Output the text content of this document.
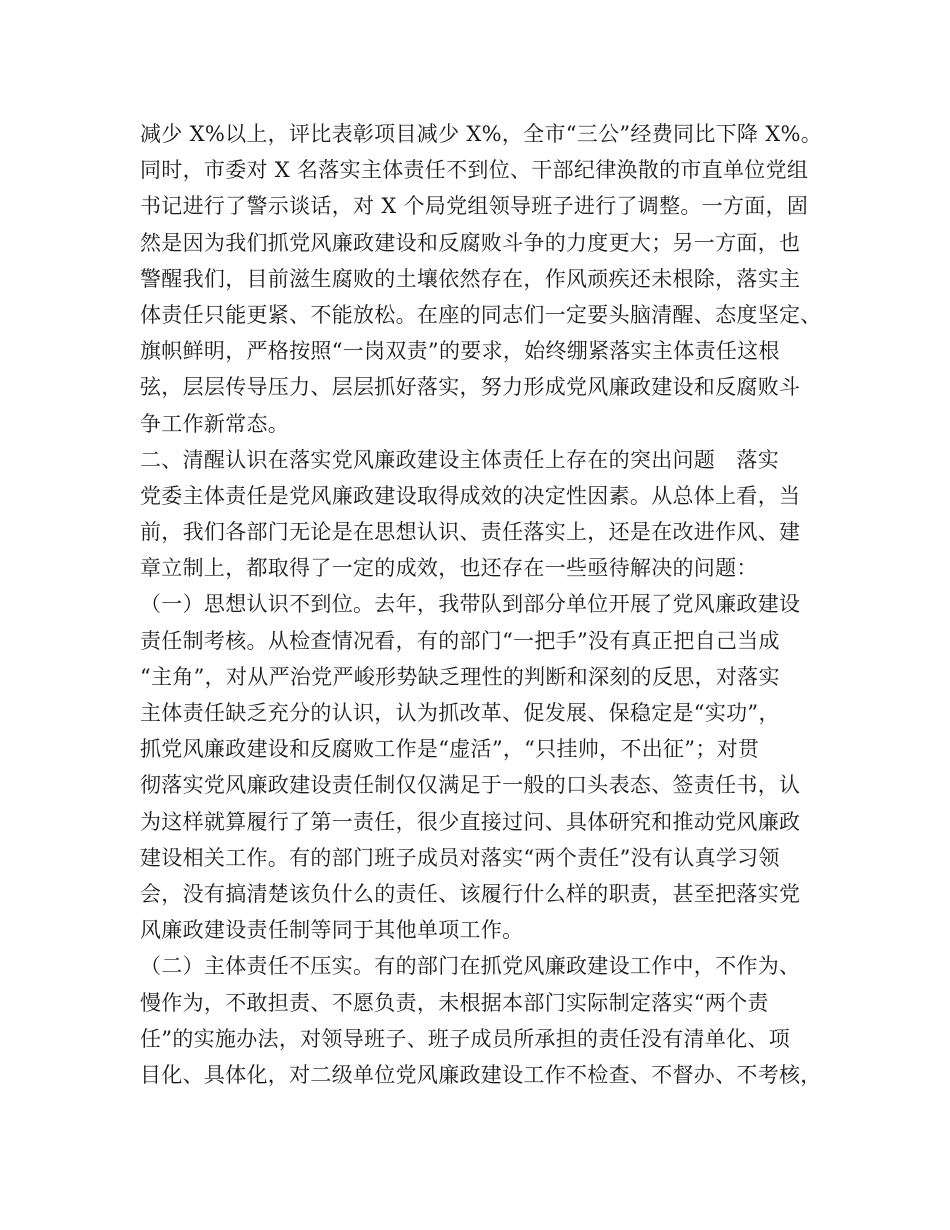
减少 X%以上，评比表彰项目减少 X%，全市“三公”经费同比下降 X%。
同时，市委对 X 名落实主体责任不到位、干部纪律涣散的市直单位党组
书记进行了警示谈话，对 X 个局党组领导班子进行了调整。一方面，固
然是因为我们抓党风廉政建设和反腐败斗争的力度更大；另一方面，也
警醒我们，目前滋生腐败的土壤依然存在，作风顽疾还未根除，落实主
体责任只能更紧、不能放松。在座的同志们一定要头脑清醒、态度坚定、
旗帜鲜明，严格按照“一岗双责”的要求，始终绷紧落实主体责任这根
弦，层层传导压力、层层抓好落实，努力形成党风廉政建设和反腐败斗
争工作新常态。
二、清醒认识在落实党风廉政建设主体责任上存在的突出问题　落实
党委主体责任是党风廉政建设取得成效的决定性因素。从总体上看，当
前，我们各部门无论是在思想认识、责任落实上，还是在改进作风、建
章立制上，都取得了一定的成效，也还存在一些亟待解决的问题：
（一）思想认识不到位。去年，我带队到部分单位开展了党风廉政建设
责任制考核。从检查情况看，有的部门“一把手”没有真正把自己当成
“主角”，对从严治党严峻形势缺乏理性的判断和深刻的反思，对落实
主体责任缺乏充分的认识，认为抓改革、促发展、保稳定是“实功”，
抓党风廉政建设和反腐败工作是“虚活”，“只挂帅，不出征”；对贯
彻落实党风廉政建设责任制仅仅满足于一般的口头表态、签责任书，认
为这样就算履行了第一责任，很少直接过问、具体研究和推动党风廉政
建设相关工作。有的部门班子成员对落实“两个责任”没有认真学习领
会，没有搞清楚该负什么的责任、该履行什么样的职责，甚至把落实党
风廉政建设责任制等同于其他单项工作。
（二）主体责任不压实。有的部门在抓党风廉政建设工作中，不作为、
慢作为，不敢担责、不愿负责，未根据本部门实际制定落实“两个责
任”的实施办法，对领导班子、班子成员所承担的责任没有清单化、项
目化、具体化，对二级单位党风廉政建设工作不检查、不督办、不考核，
